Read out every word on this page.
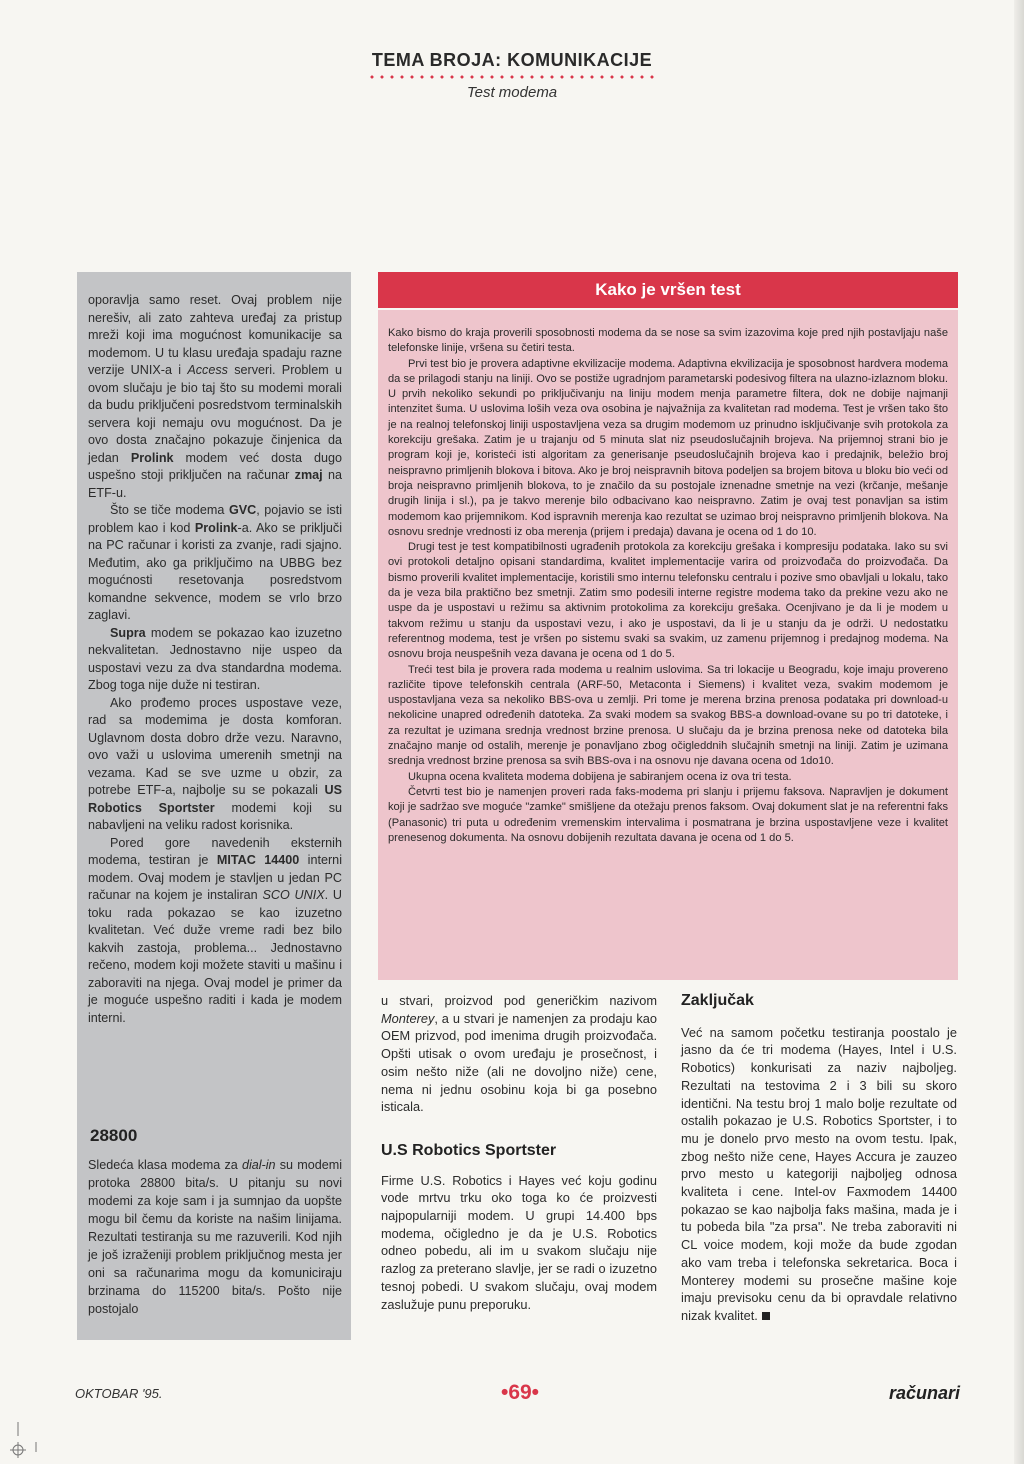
TEMA BROJA: KOMUNIKACIJE
Test modema

oporavlja samo reset. Ovaj problem nije nerešiv, ali zato zahteva uređaj za pristup mreži koji ima mogućnost komunikacije sa modemom. U tu klasu uređaja spadaju razne verzije UNIX-a i Access serveri. Problem u ovom slučaju je bio taj što su modemi morali da budu priključeni posredstvom terminalskih servera koji nemaju ovu mogućnost. Da je ovo dosta značajno pokazuje činjenica da jedan Prolink modem već dosta dugo uspešno stoji priključen na računar zmaj na ETF-u.

Što se tiče modema GVC, pojavio se isti problem kao i kod Prolink-a. Ako se priključi na PC računar i koristi za zvanje, radi sjajno. Međutim, ako ga priključimo na UBBG bez mogućnosti resetovanja posredstvom komandne sekvence, modem se vrlo brzo zaglavi.

Supra modem se pokazao kao izuzetno nekvalitetan. Jednostavno nije uspeo da uspostavi vezu za dva standardna modema. Zbog toga nije duže ni testiran.

Ako prođemo proces uspostave veze, rad sa modemima je dosta komforan. Uglavnom dosta dobro drže vezu. Naravno, ovo važi u uslovima umerenih smetnji na vezama. Kad se sve uzme u obzir, za potrebe ETF-a, najbolje su se pokazali US Robotics Sportster modemi koji su nabavljeni na veliku radost korisnika.

Pored gore navedenih eksternih modema, testiran je MITAC 14400 interni modem. Ovaj modem je stavljen u jedan PC računar na kojem je instaliran SCO UNIX. U toku rada pokazao se kao izuzetno kvalitetan. Već duže vreme radi bez bilo kakvih zastoja, problema... Jednostavno rečeno, modem koji možete staviti u mašinu i zaboraviti na njega. Ovaj model je primer da je moguće uspešno raditi i kada je modem interni.

28800

Sledeća klasa modema za dial-in su modemi protoka 28800 bita/s. U pitanju su novi modemi za koje sam i ja sumnjao da uopšte mogu bil čemu da koriste na našim linijama. Rezultati testiranja su me razuverili. Kod njih je još izraženiji problem priključnog mesta jer oni sa računarima mogu da komuniciraju brzinama do 115200 bita/s. Pošto nije postojalo

Kako je vršen test

Kako bismo do kraja proverili sposobnosti modema da se nose sa svim izazovima koje pred njih postavljaju naše telefonske linije, vršena su četiri testa.

Prvi test bio je provera adaptivne ekvilizacije modema. Adaptivna ekvilizacija je sposobnost hardvera modema da se prilagodi stanju na liniji. Ovo se postiže ugradnjom parametarski podesivog filtera na ulazno-izlaznom bloku. U prvih nekoliko sekundi po priključivanju na liniju modem menja parametre filtera, dok ne dobije najmanji intenzitet šuma. U uslovima loših veza ova osobina je najvažnija za kvalitetan rad modema. Test je vršen tako što je na realnoj telefonskoj liniji uspostavljena veza sa drugim modemom uz prinudno isključivanje svih protokola za korekciju grešaka. Zatim je u trajanju od 5 minuta slat niz pseudoslučajnih brojeva. Na prijemnoj strani bio je program koji je, koristeći isti algoritam za generisanje pseudoslučajnih brojeva kao i predajnik, beležio broj neispravno primljenih blokova i bitova. Ako je broj neispravnih bitova podeljen sa brojem bitova u bloku bio veći od broja neispravno primljenih blokova, to je značilo da su postojale iznenadne smetnje na vezi (krčanje, mešanje drugih linija i sl.), pa je takvo merenje bilo odbacivano kao neispravno. Zatim je ovaj test ponavljan sa istim modemom kao prijemnikom. Kod ispravnih merenja kao rezultat se uzimao broj neispravno primljenih blokova. Na osnovu srednje vrednosti iz oba merenja (prijem i predaja) davana je ocena od 1 do 10.

Drugi test je test kompatibilnosti ugrađenih protokola za korekciju grešaka i kompresiju podataka. Iako su svi ovi protokoli detaljno opisani standardima, kvalitet implementacije varira od proizvođača do proizvođača. Da bismo proverili kvalitet implementacije, koristili smo internu telefonsku centralu i pozive smo obavljali u lokalu, tako da je veza bila praktično bez smetnji. Zatim smo podesili interne registre modema tako da prekine vezu ako ne uspe da je uspostavi u režimu sa aktivnim protokolima za korekciju grešaka. Ocenjivano je da li je modem u takvom režimu u stanju da uspostavi vezu, i ako je uspostavi, da li je u stanju da je održi. U nedostatku referentnog modema, test je vršen po sistemu svaki sa svakim, uz zamenu prijemnog i predajnog modema. Na osnovu broja neuspešnih veza davana je ocena od 1 do 5.

Treći test bila je provera rada modema u realnim uslovima. Sa tri lokacije u Beogradu, koje imaju provereno različite tipove telefonskih centrala (ARF-50, Metaconta i Siemens) i kvalitet veza, svakim modemom je uspostavljana veza sa nekoliko BBS-ova u zemlji. Pri tome je merena brzina prenosa podataka pri download-u nekolicine unapred određenih datoteka. Za svaki modem sa svakog BBS-a download-ovane su po tri datoteke, i za rezultat je uzimana srednja vrednost brzine prenosa. U slučaju da je brzina prenosa neke od datoteka bila značajno manje od ostalih, merenje je ponavljano zbog očigleddnih slučajnih smetnji na liniji. Zatim je uzimana srednja vrednost brzine prenosa sa svih BBS-ova i na osnovu nje davana ocena od 1do10.

Ukupna ocena kvaliteta modema dobijena je sabiranjem ocena iz ova tri testa.

Četvrti test bio je namenjen proveri rada faks-modema pri slanju i prijemu faksova. Napravljen je dokument koji je sadržao sve moguće "zamke" smišljene da otežaju prenos faksom. Ovaj dokument slat je na referentni faks (Panasonic) tri puta u određenim vremenskim intervalima i posmatrana je brzina uspostavljene veze i kvalitet prenesenog dokumenta. Na osnovu dobijenih rezultata davana je ocena od 1 do 5.

u stvari, proizvod pod generičkim nazivom Monterey, a u stvari je namenjen za prodaju kao OEM prizvod, pod imenima drugih proizvođača. Opšti utisak o ovom uređaju je prosečnost, i osim nešto niže (ali ne dovoljno niže) cene, nema ni jednu osobinu koja bi ga posebno isticala.

U.S Robotics Sportster

Firme U.S. Robotics i Hayes već koju godinu vode mrtvu trku oko toga ko će proizvesti najpopularniji modem. U grupi 14.400 bps modema, očigledno je da je U.S. Robotics odneo pobedu, ali im u svakom slučaju nije razlog za preterano slavlje, jer se radi o izuzetno tesnoj pobedi. U svakom slučaju, ovaj modem zaslužuje punu preporuku.

Zaključak

Već na samom početku testiranja poostalo je jasno da će tri modema (Hayes, Intel i U.S. Robotics) konkurisati za naziv najboljeg. Rezultati na testovima 2 i 3 bili su skoro identični. Na testu broj 1 malo bolje rezultate od ostalih pokazao je U.S. Robotics Sportster, i to mu je donelo prvo mesto na ovom testu. Ipak, zbog nešto niže cene, Hayes Accura je zauzeo prvo mesto u kategoriji najboljeg odnosa kvaliteta i cene. Intel-ov Faxmodem 14400 pokazao se kao najbolja faks mašina, mada je i tu pobeda bila "za prsa". Ne treba zaboraviti ni CL voice modem, koji može da bude zgodan ako vam treba i telefonska sekretarica. Boca i Monterey modemi su prosečne mašine koje imaju previsoku cenu da bi opravdale relativno nizak kvalitet.

OKTOBAR '95.	•69•	računari
